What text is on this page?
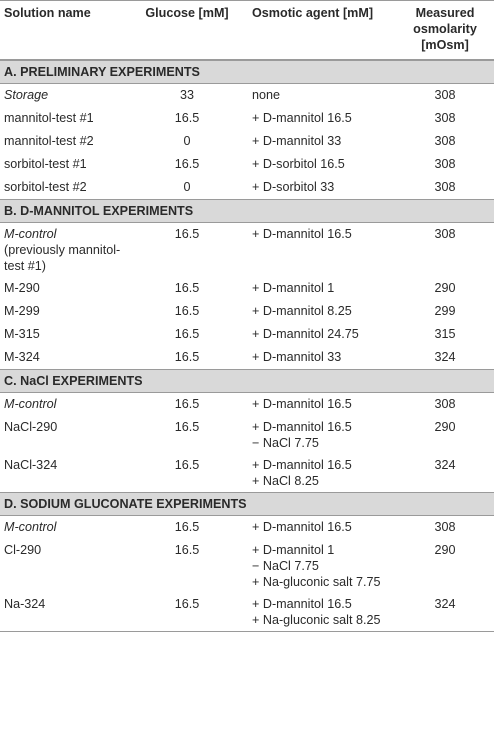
Solution name	Glucose [mM]	Osmotic agent [mM]	Measured osmolarity [mOsm]
A. PRELIMINARY EXPERIMENTS			

Storage	33	none	308

mannitol-test #1	16.5	+ D-mannitol 16.5	308

mannitol-test #2	0	+ D-mannitol 33	308

sorbitol-test #1	16.5	+ D-sorbitol 16.5	308

sorbitol-test #2	0	+ D-sorbitol 33	308
B. D-MANNITOL EXPERIMENTS			

M-control
(previously mannitol-test #1)	16.5	+ D-mannitol 16.5	308

M-290	16.5	+ D-mannitol 1	290

M-299	16.5	+ D-mannitol 8.25	299

M-315	16.5	+ D-mannitol 24.75	315

M-324	16.5	+ D-mannitol 33	324
C. NaCl EXPERIMENTS			

M-control	16.5	+ D-mannitol 16.5	308

NaCl-290	16.5	+ D-mannitol 16.5
− NaCl 7.75	290

NaCl-324	16.5	+ D-mannitol 16.5
+ NaCl 8.25	324
D. SODIUM GLUCONATE EXPERIMENTS			

M-control	16.5	+ D-mannitol 16.5	308

Cl-290	16.5	+ D-mannitol 1
− NaCl 7.75
+ Na-gluconic salt 7.75	290

Na-324	16.5	+ D-mannitol 16.5
+ Na-gluconic salt 8.25	324
